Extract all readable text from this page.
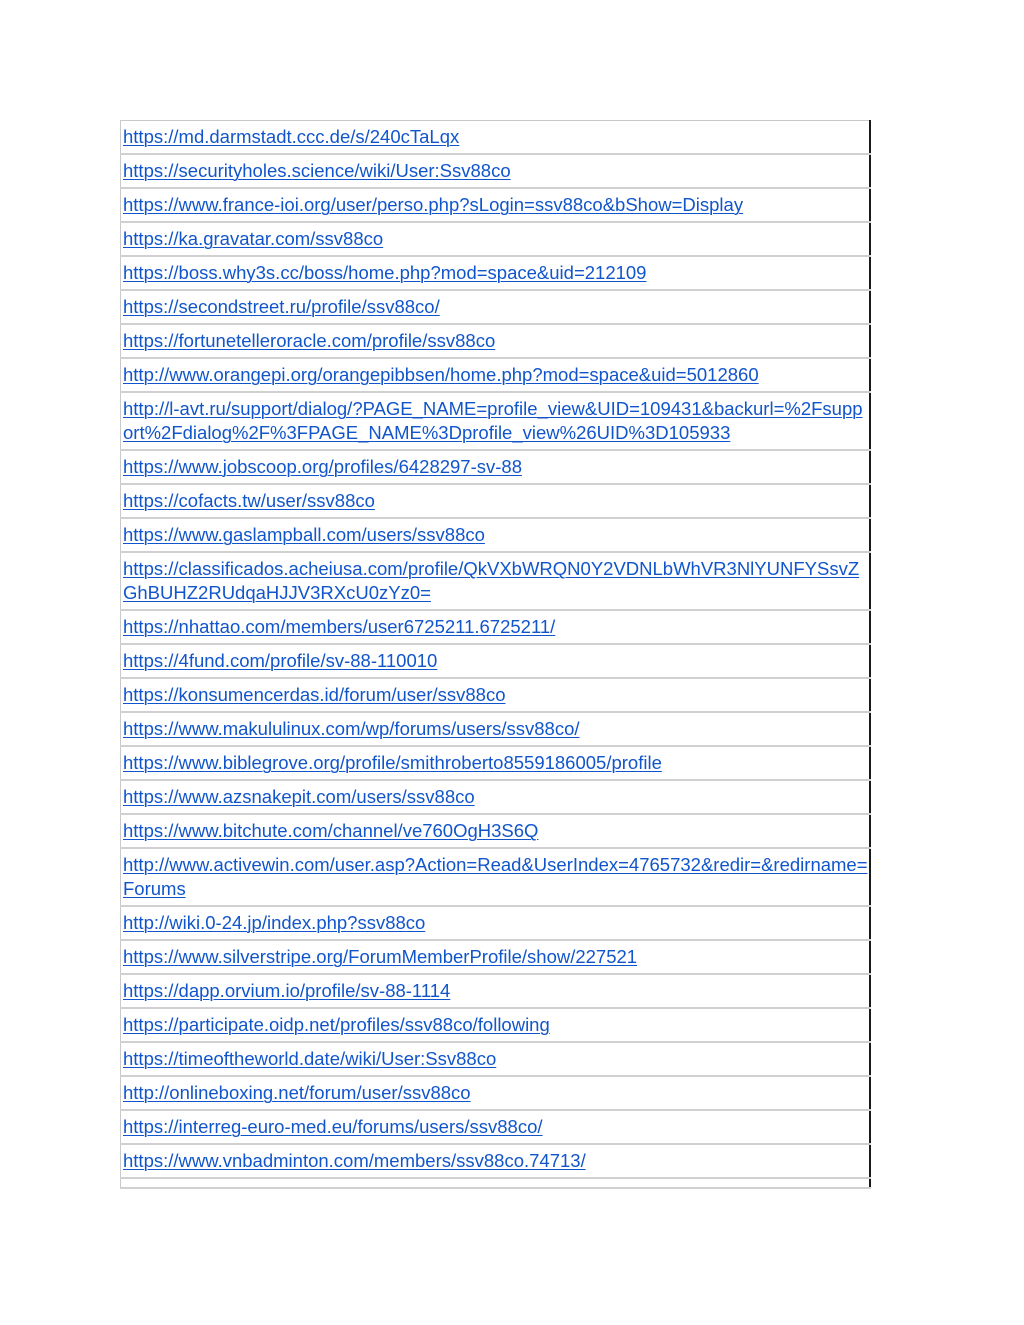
https://md.darmstadt.ccc.de/s/240cTaLqx
https://securityholes.science/wiki/User:Ssv88co
https://www.france-ioi.org/user/perso.php?sLogin=ssv88co&bShow=Display
https://ka.gravatar.com/ssv88co
https://boss.why3s.cc/boss/home.php?mod=space&uid=212109
https://secondstreet.ru/profile/ssv88co/
https://fortunetelleroracle.com/profile/ssv88co
http://www.orangepi.org/orangepibbsen/home.php?mod=space&uid=5012860
http://l-avt.ru/support/dialog/?PAGE_NAME=profile_view&UID=109431&backurl=%2Fsupport%2Fdialog%2F%3FPAGE_NAME%3Dprofile_view%26UID%3D105933
https://www.jobscoop.org/profiles/6428297-sv-88
https://cofacts.tw/user/ssv88co
https://www.gaslampball.com/users/ssv88co
https://classificados.acheiusa.com/profile/QkVXbWRQN0Y2VDNLbWhVR3NlYUNFYSsvZGhBUHZ2RUdqaHJJV3RXcU0zYz0=
https://nhattao.com/members/user6725211.6725211/
https://4fund.com/profile/sv-88-110010
https://konsumencerdas.id/forum/user/ssv88co
https://www.makululinux.com/wp/forums/users/ssv88co/
https://www.biblegrove.org/profile/smithroberto8559186005/profile
https://www.azsnakepit.com/users/ssv88co
https://www.bitchute.com/channel/ve760OgH3S6Q
http://www.activewin.com/user.asp?Action=Read&UserIndex=4765732&redir=&redirname=Forums
http://wiki.0-24.jp/index.php?ssv88co
https://www.silverstripe.org/ForumMemberProfile/show/227521
https://dapp.orvium.io/profile/sv-88-1114
https://participate.oidp.net/profiles/ssv88co/following
https://timeoftheworld.date/wiki/User:Ssv88co
http://onlineboxing.net/forum/user/ssv88co
https://interreg-euro-med.eu/forums/users/ssv88co/
https://www.vnbadminton.com/members/ssv88co.74713/
